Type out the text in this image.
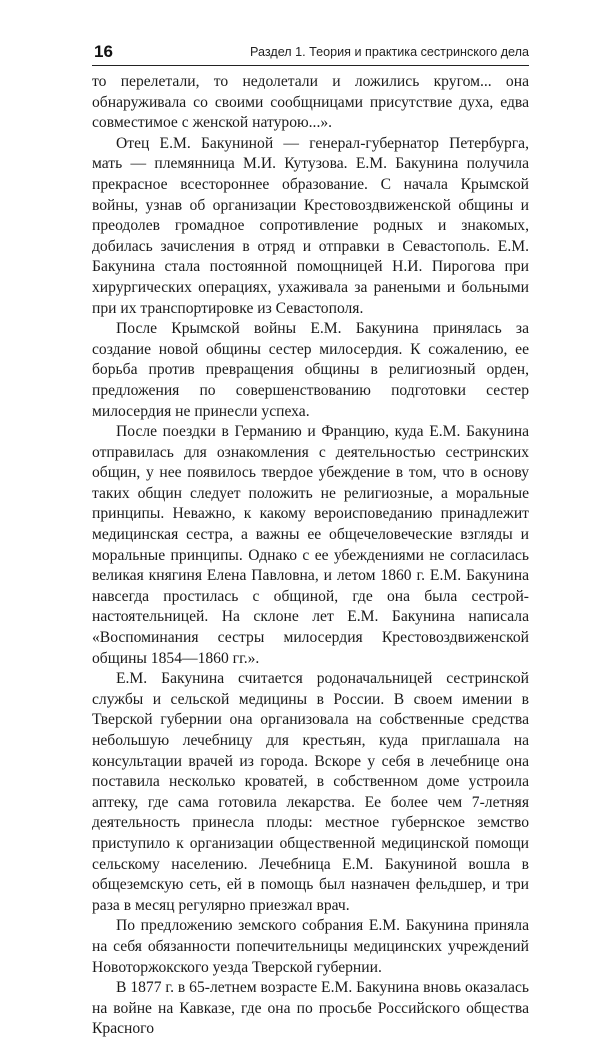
16	Раздел 1. Теория и практика сестринского дела

то перелетали, то недолетали и ложились кругом... она обнаруживала со своими сообщницами присутствие духа, едва совместимое с женской натурою...».

Отец Е.М. Бакуниной — генерал-губернатор Петербурга, мать — племянница М.И. Кутузова. Е.М. Бакунина получила прекрасное всестороннее образование. С начала Крымской войны, узнав об организации Крестовоздвиженской общины и преодолев громадное сопротивление родных и знакомых, добилась зачисления в отряд и отправки в Севастополь. Е.М. Бакунина стала постоянной помощницей Н.И. Пирогова при хирургических операциях, ухаживала за ранеными и больными при их транспортировке из Севастополя.

После Крымской войны Е.М. Бакунина принялась за создание новой общины сестер милосердия. К сожалению, ее борьба против превращения общины в религиозный орден, предложения по совершенствованию подготовки сестер милосердия не принесли успеха.

После поездки в Германию и Францию, куда Е.М. Бакунина отправилась для ознакомления с деятельностью сестринских общин, у нее появилось твердое убеждение в том, что в основу таких общин следует положить не религиозные, а моральные принципы. Неважно, к какому вероисповеданию принадлежит медицинская сестра, а важны ее общечеловеческие взгляды и моральные принципы. Однако с ее убеждениями не согласилась великая княгиня Елена Павловна, и летом 1860 г. Е.М. Бакунина навсегда простилась с общиной, где она была сестрой-настоятельницей. На склоне лет Е.М. Бакунина написала «Воспоминания сестры милосердия Крестовоздвиженской общины 1854—1860 гг.».

Е.М. Бакунина считается родоначальницей сестринской службы и сельской медицины в России. В своем имении в Тверской губернии она организовала на собственные средства небольшую лечебницу для крестьян, куда приглашала на консультации врачей из города. Вскоре у себя в лечебнице она поставила несколько кроватей, в собственном доме устроила аптеку, где сама готовила лекарства. Ее более чем 7-летняя деятельность принесла плоды: местное губернское земство приступило к организации общественной медицинской помощи сельскому населению. Лечебница Е.М. Бакуниной вошла в общеземскую сеть, ей в помощь был назначен фельдшер, и три раза в месяц регулярно приезжал врач.

По предложению земского собрания Е.М. Бакунина приняла на себя обязанности попечительницы медицинских учреждений Новоторжокского уезда Тверской губернии.

В 1877 г. в 65-летнем возрасте Е.М. Бакунина вновь оказалась на войне на Кавказе, где она по просьбе Российского общества Красного
